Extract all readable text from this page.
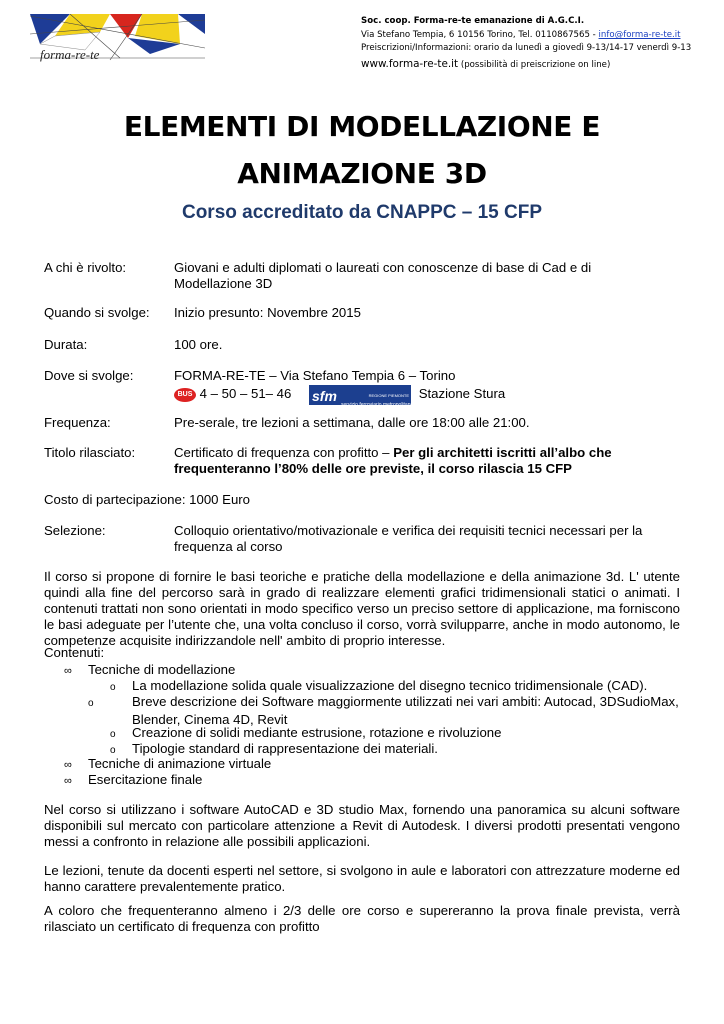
forma-re-te
Soc. coop. Forma-re-te emanazione di A.G.C.I.
Via Stefano Tempia, 6 10156 Torino, Tel. 0110867565 - info@forma-re-te.it
Preiscrizioni/Informazioni: orario da lunedì a giovedì 9-13/14-17 venerdì 9-13
www.forma-re-te.it (possibilità di preiscrizione on line)
ELEMENTI DI MODELLAZIONE E
ANIMAZIONE 3D
Corso accreditato da CNAPPC – 15 CFP
A chi è rivolto:	Giovani e adulti diplomati o laureati con conoscenze di base di Cad e di Modellazione 3D
Quando si svolge: Inizio presunto: Novembre 2015
Durata:	100 ore.
Dove si svolge:	FORMA-RE-TE – Via Stefano Tempia 6 – Torino
BUS 4 – 50 – 51– 46 sfm	REGIONE PIEMONTE
servizio ferroviario metropolitano
Stazione Stura
Frequenza:	Pre-serale, tre lezioni a settimana, dalle ore 18:00 alle 21:00.
Titolo rilasciato:	Certificato di frequenza con profitto – Per gli architetti iscritti all’albo che frequenteranno l’80% delle ore previste, il corso rilascia 15 CFP
Costo di partecipazione: 1000 Euro
Selezione:	Colloquio orientativo/motivazionale e verifica dei requisiti tecnici necessari per la frequenza al corso
Il corso si propone di fornire le basi teoriche e pratiche della modellazione e della animazione 3d. L' utente quindi alla fine del percorso sarà in grado di realizzare elementi grafici tridimensionali statici o animati. I contenuti trattati non sono orientati in modo specifico verso un preciso settore di applicazione, ma forniscono le basi adeguate per l’utente che, una volta concluso il corso, vorrà svilupparre, anche in modo autonomo, le competenze acquisite indirizzandole nell' ambito di proprio interesse.
Contenuti:
∞ Tecniche di modellazione
o La modellazione solida quale visualizzazione del disegno tecnico tridimensionale (CAD).
o	Breve descrizione dei Software maggiormente utilizzati nei vari ambiti: Autocad, 3DSudioMax, Blender, Cinema 4D, Revit
o Creazione di solidi mediante estrusione, rotazione e rivoluzione
o Tipologie standard di rappresentazione dei materiali.
∞ Tecniche di animazione virtuale
∞ Esercitazione finale
Nel corso si utilizzano i software AutoCAD e 3D studio Max, fornendo una panoramica su alcuni software disponibili sul mercato con particolare attenzione a Revit di Autodesk. I diversi prodotti presentati vengono messi a confronto in relazione alle possibili applicazioni.
Le lezioni, tenute da docenti esperti nel settore, si svolgono in aule e laboratori con attrezzature moderne ed hanno carattere prevalentemente pratico.
A coloro che frequenteranno almeno i 2/3 delle ore corso e supereranno la prova finale prevista, verrà rilasciato un certificato di frequenza con profitto
